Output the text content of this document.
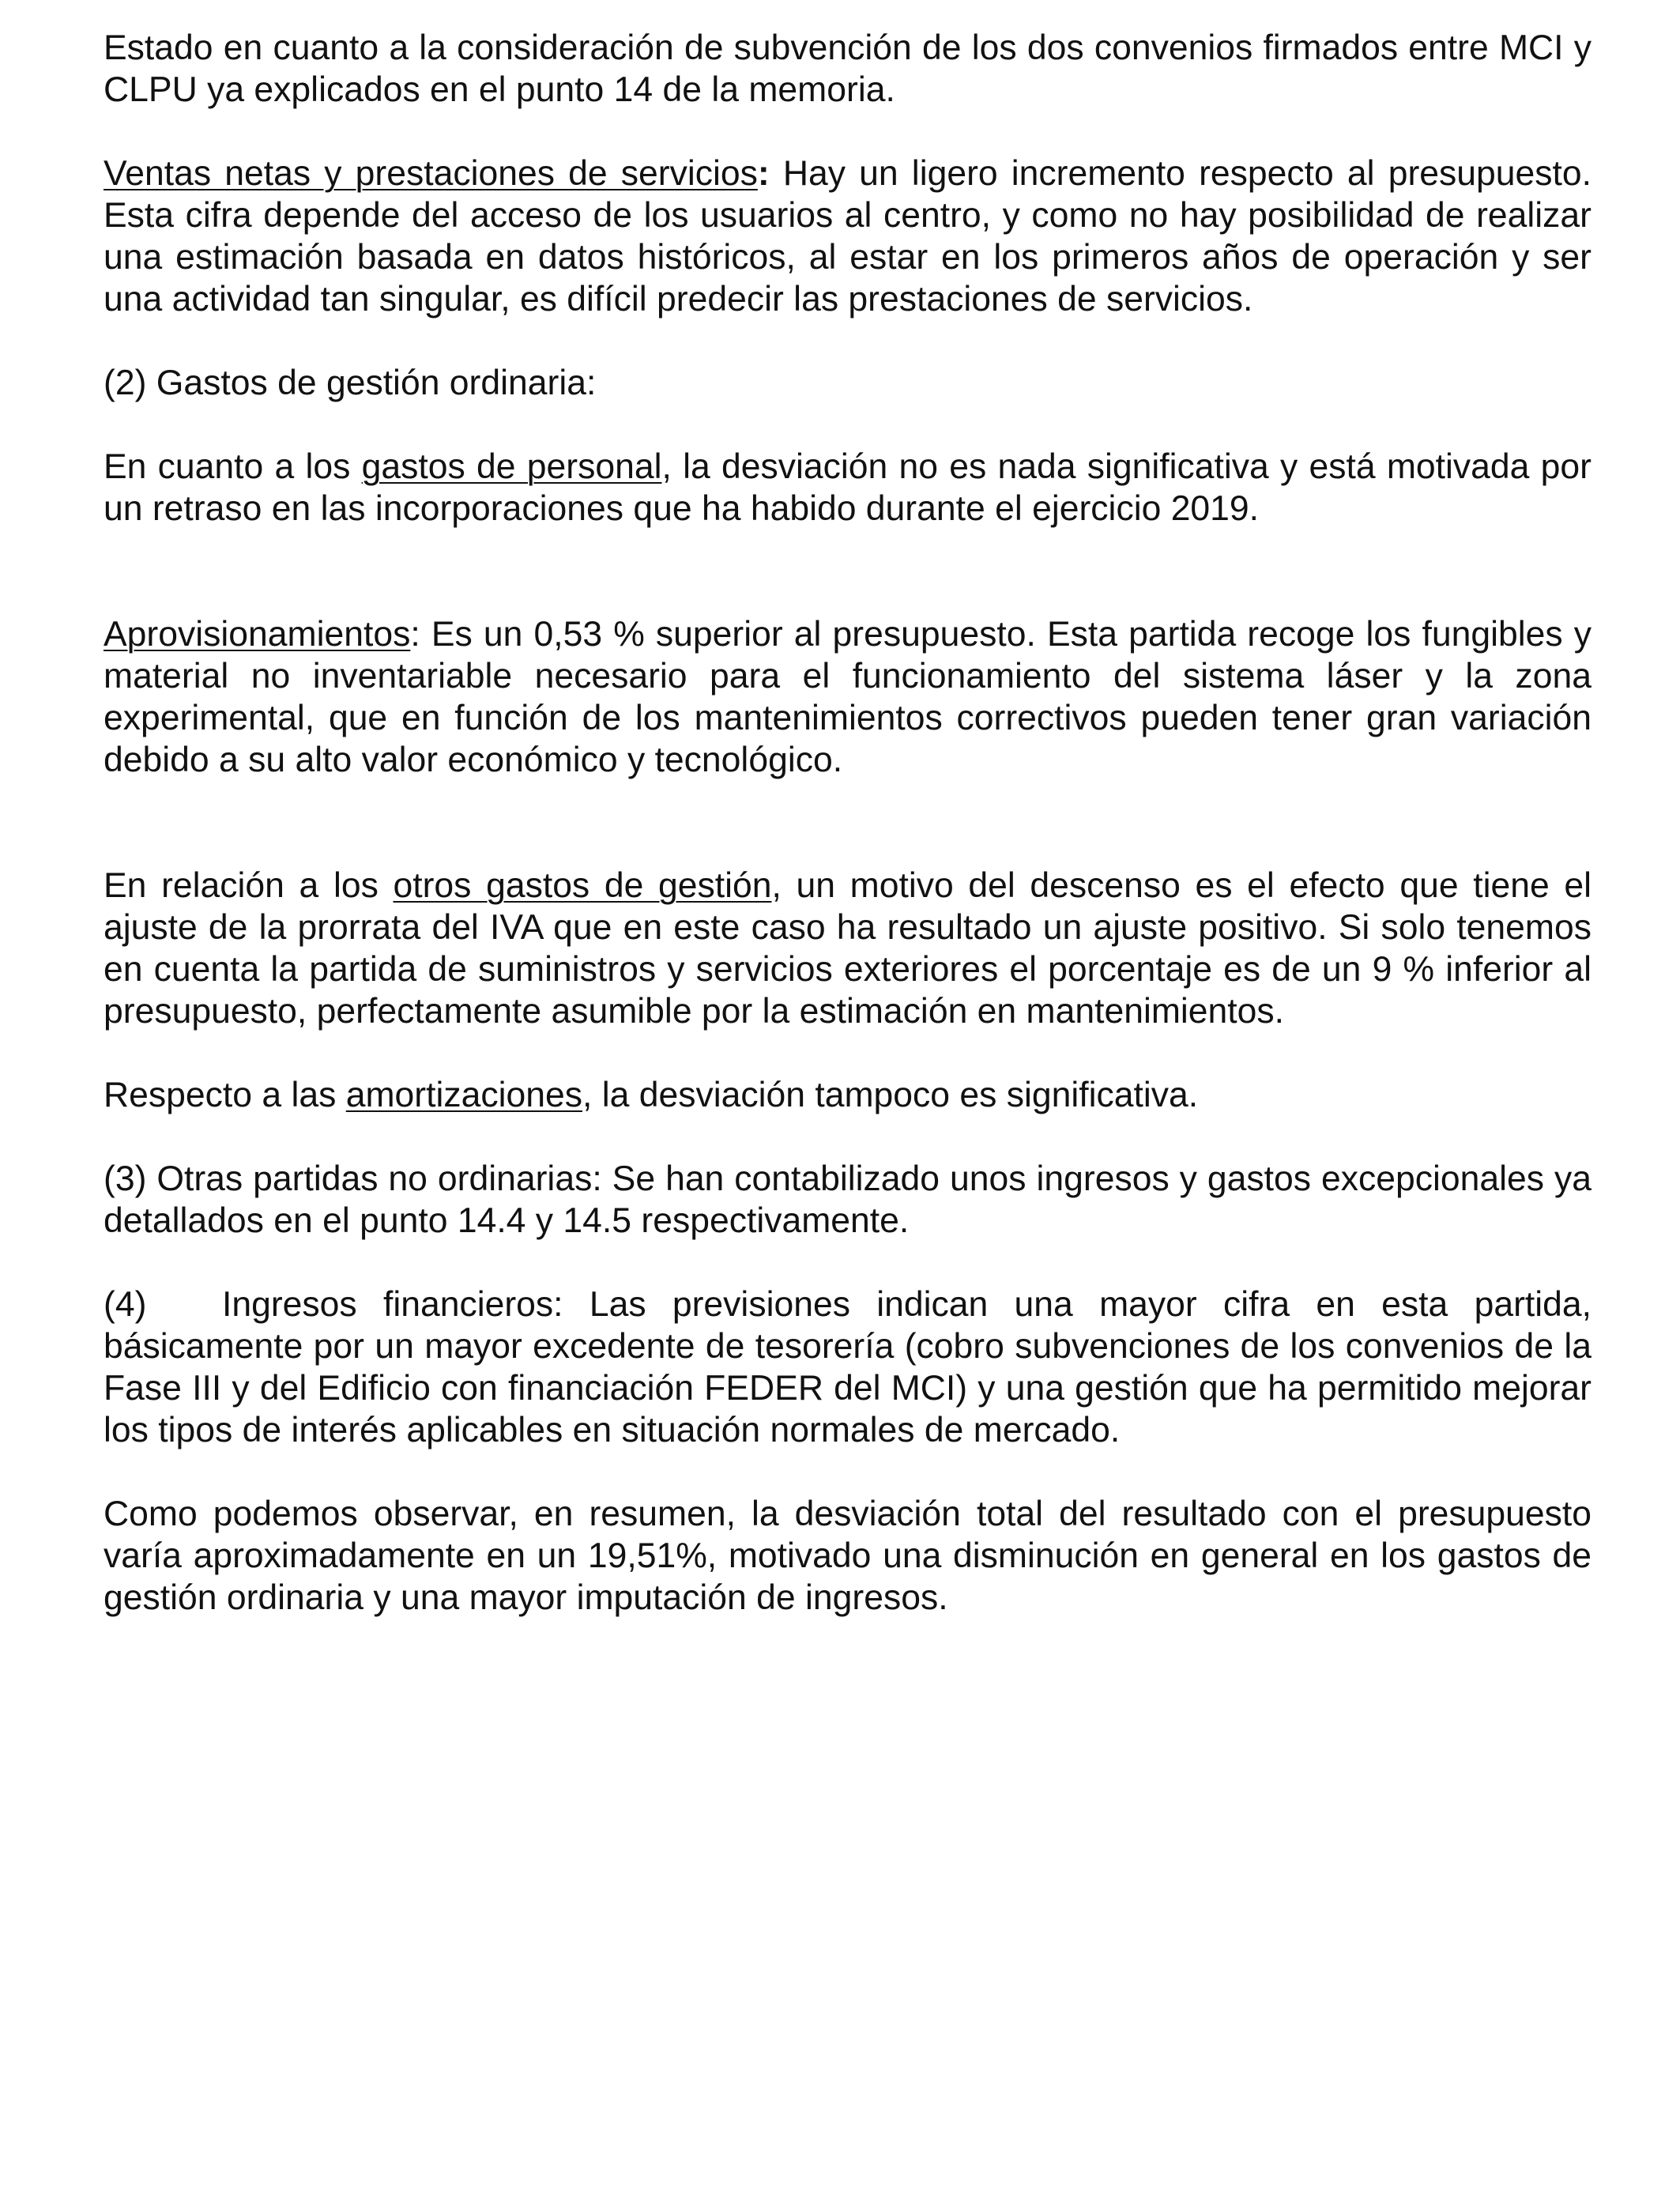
Estado en cuanto a la consideración de subvención de los dos convenios firmados entre MCI y CLPU ya explicados en el punto 14 de la memoria.

Ventas netas y prestaciones de servicios: Hay un ligero incremento respecto al presupuesto. Esta cifra depende del acceso de los usuarios al centro, y como no hay posibilidad de realizar una estimación basada en datos históricos, al estar en los primeros años de operación y ser una actividad tan singular, es difícil predecir las prestaciones de servicios.

(2) Gastos de gestión ordinaria:

En cuanto a los gastos de personal, la desviación no es nada significativa y está motivada por un retraso en las incorporaciones que ha habido durante el ejercicio 2019.

Aprovisionamientos: Es un 0,53 % superior al presupuesto. Esta partida recoge los fungibles y material no inventariable necesario para el funcionamiento del sistema láser y la zona experimental, que en función de los mantenimientos correctivos pueden tener gran variación debido a su alto valor económico y tecnológico.

En relación a los otros gastos de gestión, un motivo del descenso es el efecto que tiene el ajuste de la prorrata del IVA que en este caso ha resultado un ajuste positivo. Si solo tenemos en cuenta la partida de suministros y servicios exteriores el porcentaje es de un 9 % inferior al presupuesto, perfectamente asumible por la estimación en mantenimientos.

Respecto a las amortizaciones, la desviación tampoco es significativa.

(3) Otras partidas no ordinarias: Se han contabilizado unos ingresos y gastos excepcionales ya detallados en el punto 14.4 y 14.5 respectivamente.

(4) Ingresos financieros: Las previsiones indican una mayor cifra en esta partida, básicamente por un mayor excedente de tesorería (cobro subvenciones de los convenios de la Fase III y del Edificio con financiación FEDER del MCI) y una gestión que ha permitido mejorar los tipos de interés aplicables en situación normales de mercado.

Como podemos observar, en resumen, la desviación total del resultado con el presupuesto varía aproximadamente en un 19,51%, motivado una disminución en general en los gastos de gestión ordinaria y una mayor imputación de ingresos.
